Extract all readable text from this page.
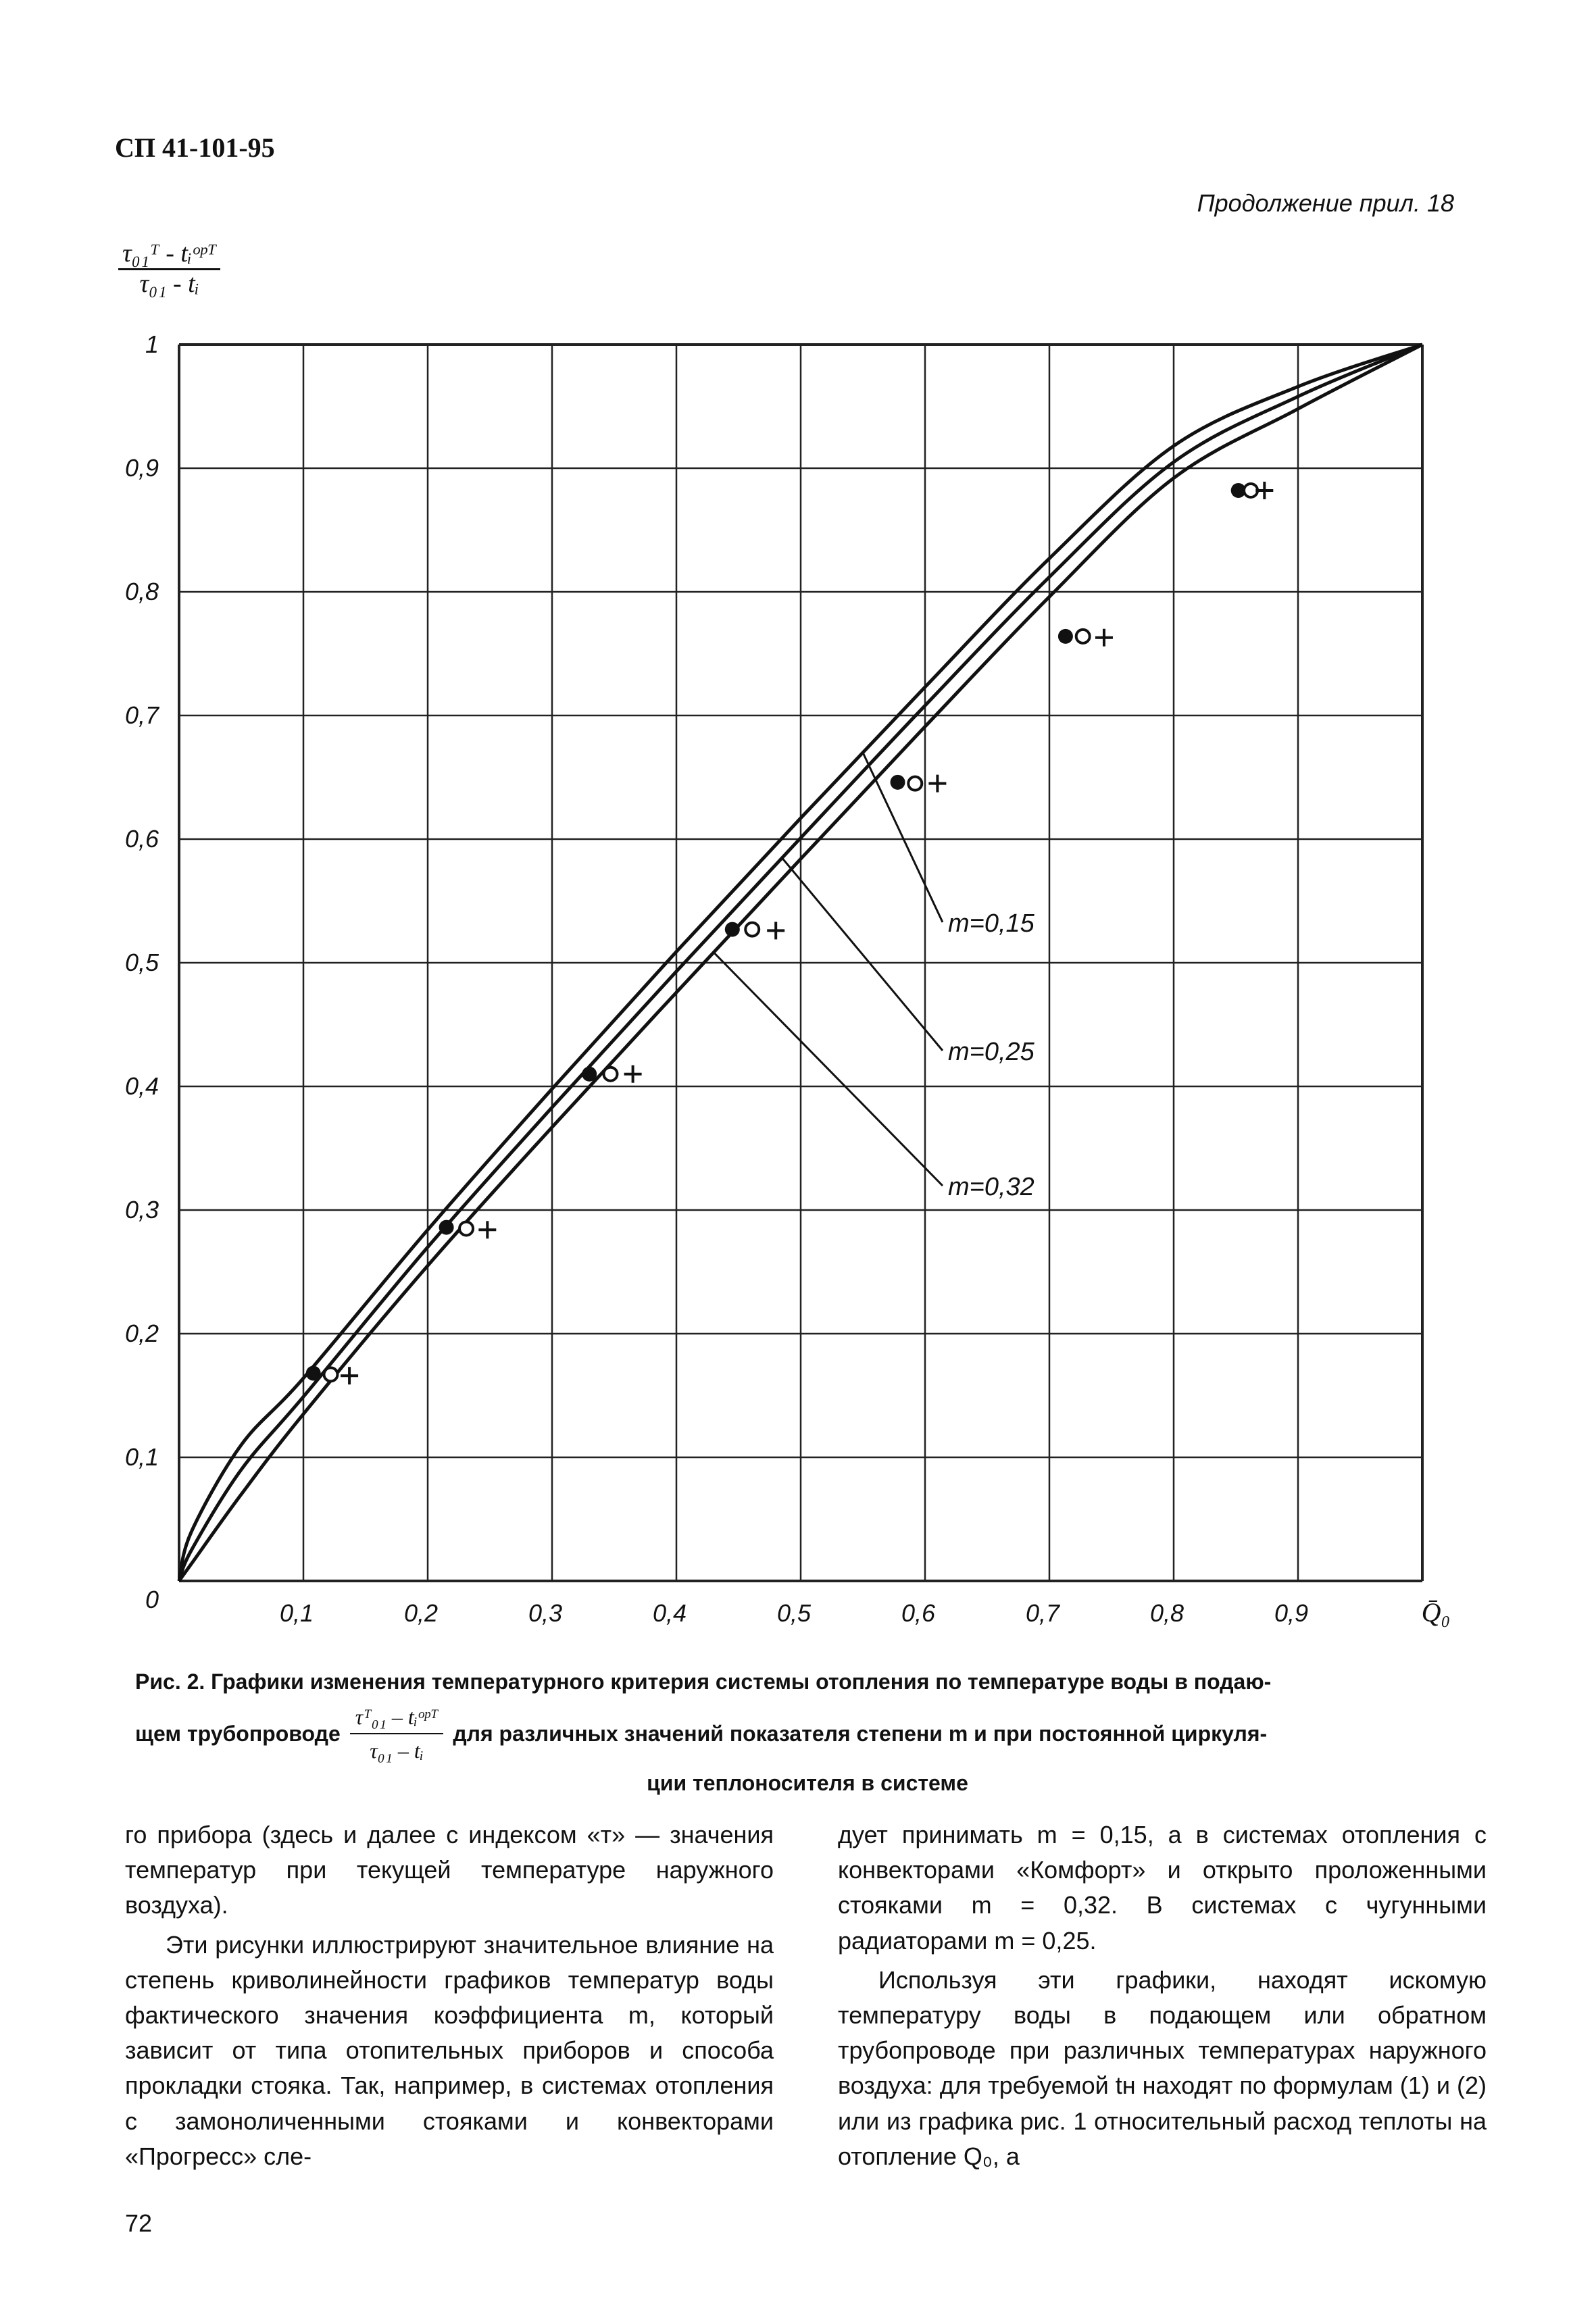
СП 41-101-95
Продолжение прил. 18
τ₀₁ᵀ - tᵢᵒᵖᵀ
τ₀₁ - tᵢ
m=0,15
m=0,25
m=0,32
0,1	0,2	0,3	0,4	0,5	0,6	0,7	0,8	0,9
0
0,1
0,2
0,3
0,4
0,5
0,6
0,7
0,8
0,9
1
Q̄₀
Рис. 2. Графики изменения температурного критерия системы отопления по температуре воды в подаю-
щем трубопроводе $\frac{\text{τᵀ₀₁ – tᵢᵒᵖᵀ}}{\text{τ₀₁ – tᵢ}}$ для различных значений показателя степени m и при постоянной циркуля-
ции теплоносителя в системе

го прибора (здесь и далее с индексом «т» — значения температур при текущей температуре наружного воздуха).

Эти рисунки иллюстрируют значительное влияние на степень криволинейности графиков температур воды фактического значения коэффициента m, который зависит от типа отопительных приборов и способа прокладки стояка. Так, например, в системах отопления с замоноличенными стояками и конвекторами «Прогресс» сле-

дует принимать m = 0,15, а в системах отопления с конвекторами «Комфорт» и открыто проложенными стояками m = 0,32. В системах с чугунными радиаторами m = 0,25.

Используя эти графики, находят искомую температуру воды в подающем или обратном трубопроводе при различных температурах наружного воздуха: для требуемой tн находят по формулам (1) и (2) или из графика рис. 1 относительный расход теплоты на отопление Q₀, а

72
